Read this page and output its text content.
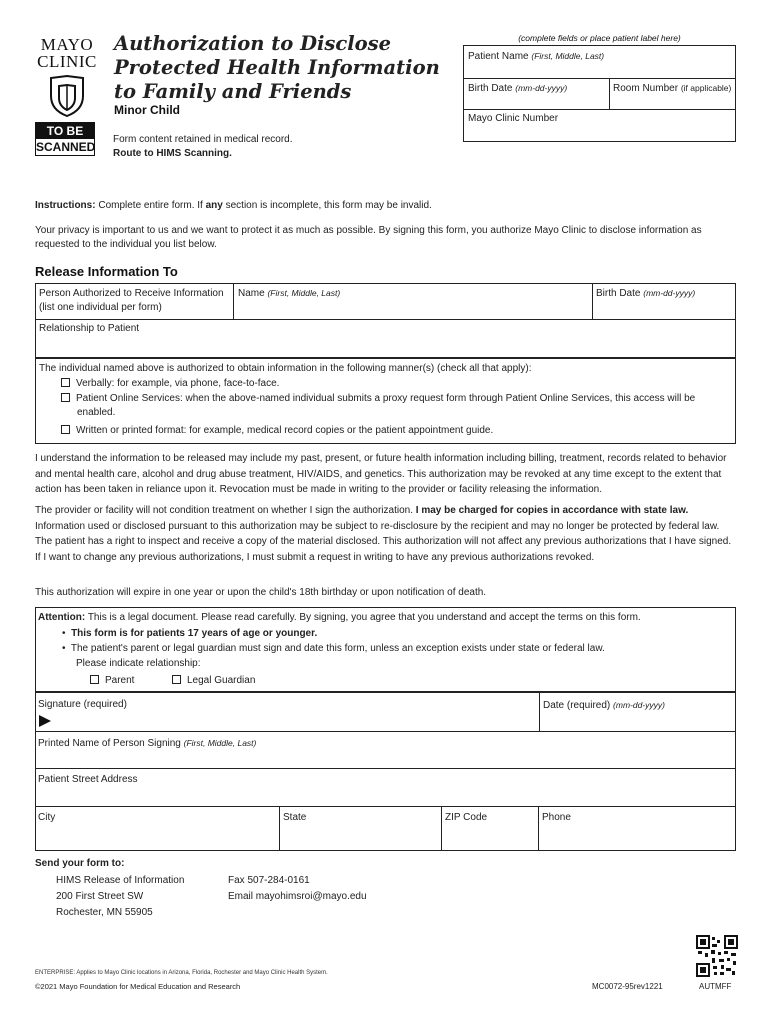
MAYO
CLINIC
TO BE
SCANNED
Authorization to Disclose
Protected Health Information
to Family and Friends
Minor Child
Form content retained in medical record.
Route to HIMS Scanning.
(complete fields or place patient label here)
Patient Name (First, Middle, Last)
Birth Date (mm-dd-yyyy)	Room Number (if applicable)
Mayo Clinic Number
Instructions: Complete entire form. If any section is incomplete, this form may be invalid.
Your privacy is important to us and we want to protect it as much as possible. By signing this form, you authorize Mayo Clinic to disclose information as requested to the individual you list below.
Release Information To
Person Authorized to Receive Information (list one individual per form)
Name (First, Middle, Last)	Birth Date (mm-dd-yyyy)
Relationship to Patient
The individual named above is authorized to obtain information in the following manner(s) (check all that apply):
Verbally: for example, via phone, face-to-face.
Patient Online Services: when the above-named individual submits a proxy request form through Patient Online Services, this access will be enabled.
Written or printed format: for example, medical record copies or the patient appointment guide.
I understand the information to be released may include my past, present, or future health information including billing, treatment, records related to behavior and mental health care, alcohol and drug abuse treatment, HIV/AIDS, and genetics. This authorization may be revoked at any time except to the extent that action has been taken in reliance upon it. Revocation must be made in writing to the provider or facility releasing the information.
The provider or facility will not condition treatment on whether I sign the authorization. I may be charged for copies in accordance with state law. Information used or disclosed pursuant to this authorization may be subject to re-disclosure by the recipient and may no longer be protected by federal law. The patient has a right to inspect and receive a copy of the material disclosed. This authorization will not affect any previous authorizations that I have signed. If I want to change any previous authorizations, I must submit a request in writing to have any previous authorizations revoked.
This authorization will expire in one year or upon the child's 18th birthday or upon notification of death.
Attention: This is a legal document. Please read carefully. By signing, you agree that you understand and accept the terms on this form.
•  This form is for patients 17 years of age or younger.
•  The patient's parent or legal guardian must sign and date this form, unless an exception exists under state or federal law.
Please indicate relationship:
Parent	Legal Guardian
Signature (required)	Date (required) (mm-dd-yyyy)
Printed Name of Person Signing (First, Middle, Last)
Patient Street Address
City	State	ZIP Code	Phone
Send your form to:
HIMS Release of Information
200 First Street SW
Rochester, MN 55905
Fax 507-284-0161
Email mayohimsroi@mayo.edu
ENTERPRISE: Applies to Mayo Clinic locations in Arizona, Florida, Rochester and Mayo Clinic Health System.
©2021 Mayo Foundation for Medical Education and Research	MC0072-95rev1221	AUTMFF
